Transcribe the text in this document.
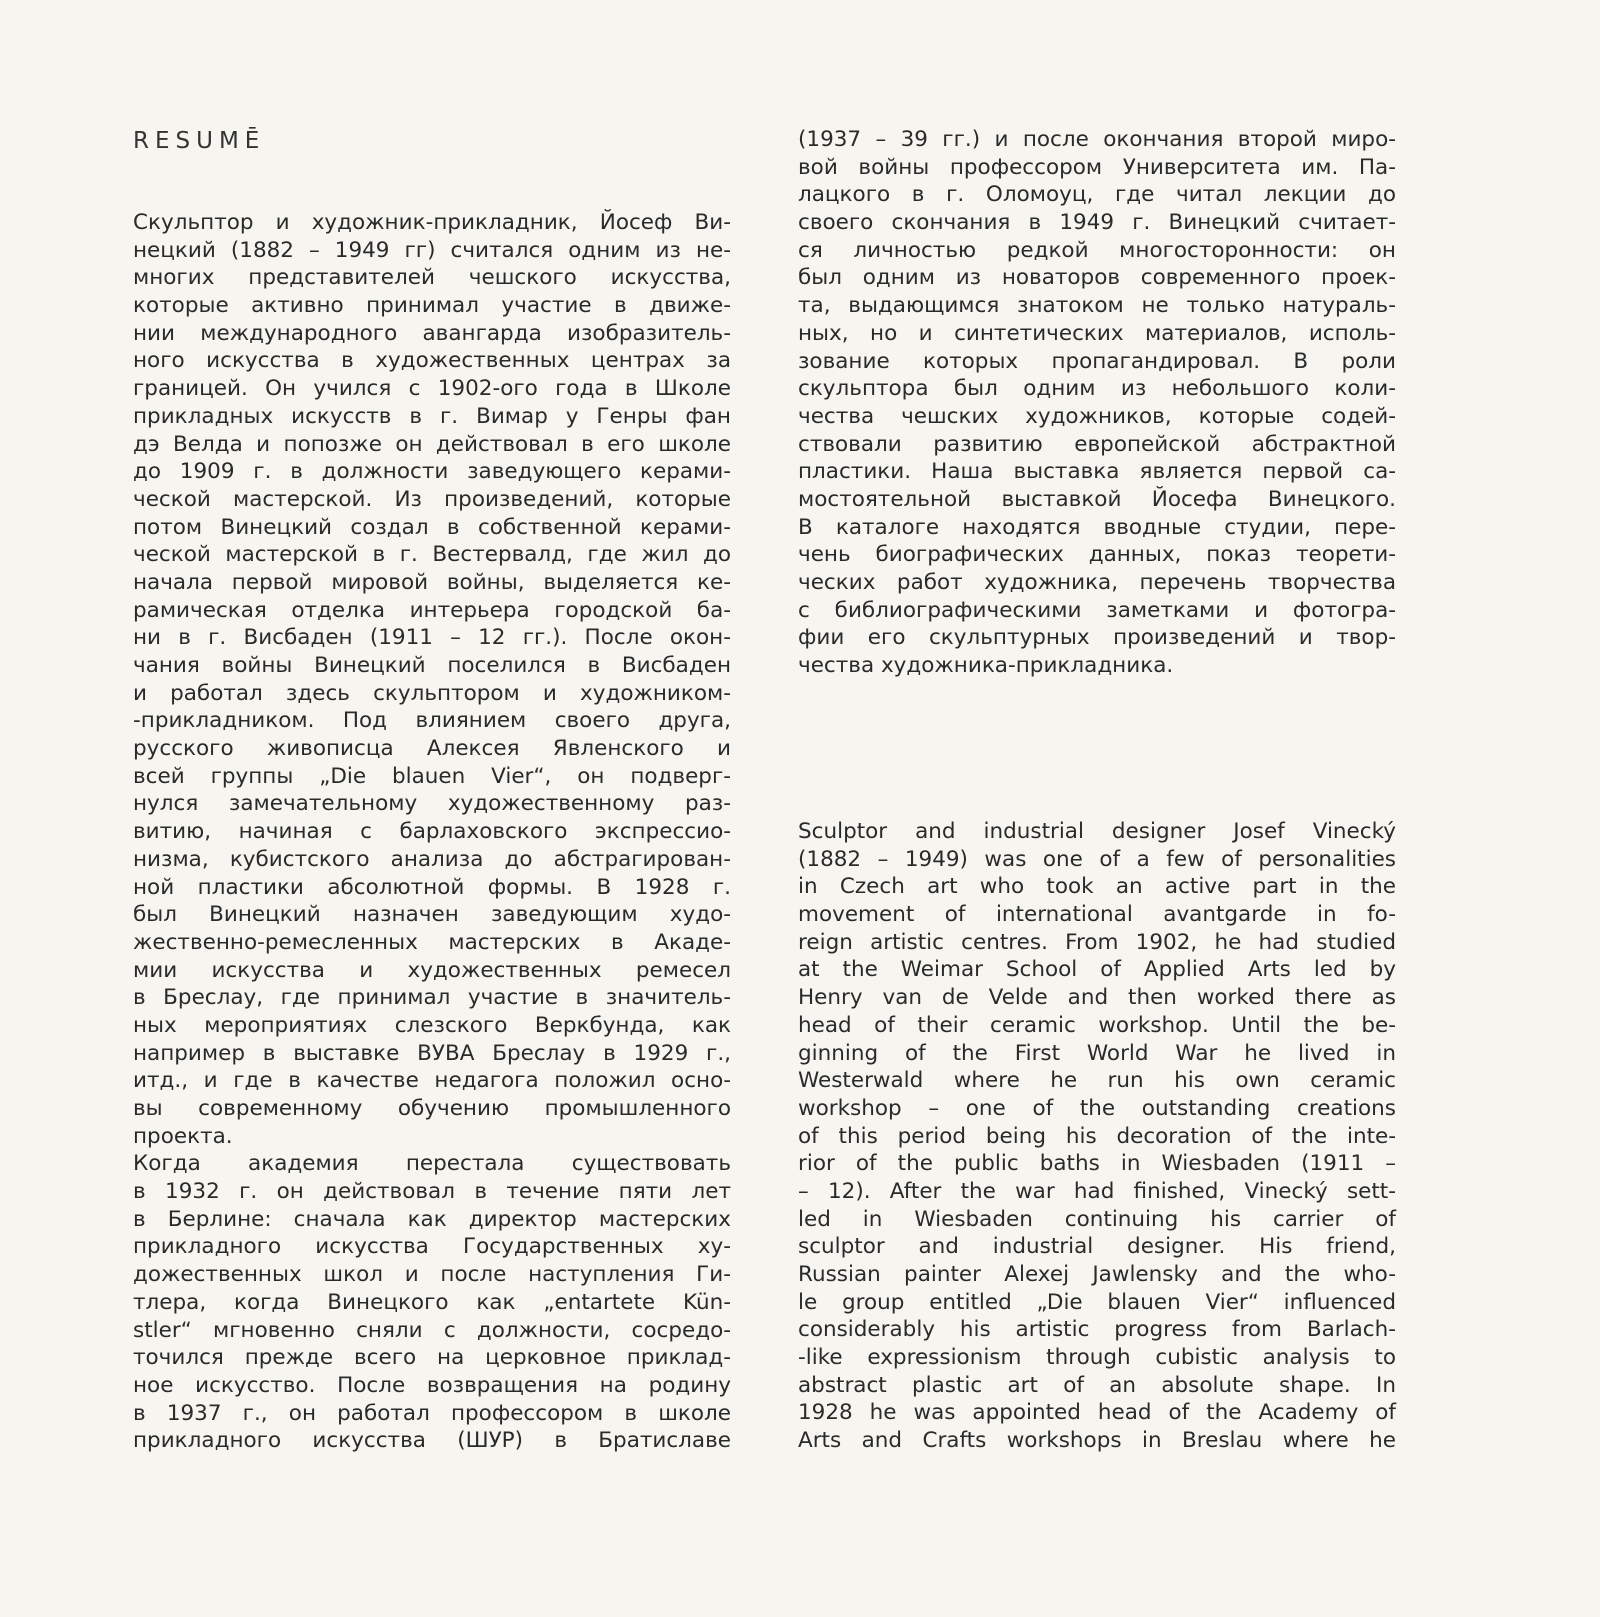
RESUMĒ
Скульптор и художник-прикладник, Йосеф Ви-
нецкий (1882 – 1949 гг) считался одним из не-
многих представителей чешского искусства,
которые активно принимал участие в движе-
нии международного авангарда изобразитель-
ного искусства в художественных центрах за
границей. Он учился с 1902-ого года в Школе
прикладных искусств в г. Вимар у Генры фан
дэ Велда и попозже он действовал в его школе
до 1909 г. в должности заведующего керами-
ческой мастерской. Из произведений, которые
потом Винецкий создал в собственной керами-
ческой мастерской в г. Вестервалд, где жил до
начала первой мировой войны, выделяется ке-
рамическая отделка интерьера городской ба-
ни в г. Висбаден (1911 – 12 гг.). После окон-
чания войны Винецкий поселился в Висбаден
и работал здесь скульптором и художником-
-прикладником. Под влиянием своего друга,
русского живописца Алексея Явленского и
всей группы „Die blauen Vier“, он подверг-
нулся замечательному художественному раз-
витию, начиная с барлаховского экспрессио-
низма, кубистского анализа до абстрагирован-
ной пластики абсолютной формы. В 1928 г.
был Винецкий назначен заведующим худо-
жественно-ремесленных мастерских в Акаде-
мии искусства и художественных ремесел
в Бреслау, где принимал участие в значитель-
ных мероприятиях слезского Веркбунда, как
например в выставке ВУВА Бреслау в 1929 г.,
итд., и где в качестве недагога положил осно-
вы современному обучению промышленного
проекта.
Когда академия перестала существовать
в 1932 г. он действовал в течение пяти лет
в Берлине: сначала как директор мастерских
прикладного искусства Государственных ху-
дожественных школ и после наступления Ги-
тлера, когда Винецкого как „entartete Kün-
stler“ мгновенно сняли с должности, сосредо-
точился прежде всего на церковное приклад-
ное искусство. После возвращения на родину
в 1937 г., он работал профессором в школе
прикладного искусства (ШУР) в Братиславе
(1937 – 39 гг.) и после окончания второй миро-
вой войны профессором Университета им. Па-
лацкого в г. Оломоуц, где читал лекции до
своего скончания в 1949 г. Винецкий считает-
ся личностью редкой многосторонности: он
был одним из новаторов современного проек-
та, выдающимся знатоком не только натураль-
ных, но и синтетических материалов, исполь-
зование которых пропагандировал. В роли
скульптора был одним из небольшого коли-
чества чешских художников, которые содей-
ствовали развитию европейской абстрактной
пластики. Наша выставка является первой са-
мостоятельной выставкой Йосефа Винецкого.
В каталоге находятся вводные студии, пере-
чень биографических данных, показ теорети-
ческих работ художника, перечень творчества
с библиографическими заметками и фотогра-
фии его скульптурных произведений и твор-
чества художника-прикладника.
Sculptor and industrial designer Josef Vinecký
(1882 – 1949) was one of a few of personalities
in Czech art who took an active part in the
movement of international avantgarde in fo-
reign artistic centres. From 1902, he had studied
at the Weimar School of Applied Arts led by
Henry van de Velde and then worked there as
head of their ceramic workshop. Until the be-
ginning of the First World War he lived in
Westerwald where he run his own ceramic
workshop – one of the outstanding creations
of this period being his decoration of the inte-
rior of the public baths in Wiesbaden (1911 –
– 12). After the war had finished, Vinecký sett-
led in Wiesbaden continuing his carrier of
sculptor and industrial designer. His friend,
Russian painter Alexej Jawlensky and the who-
le group entitled „Die blauen Vier“ influenced
considerably his artistic progress from Barlach-
-like expressionism through cubistic analysis to
abstract plastic art of an absolute shape. In
1928 he was appointed head of the Academy of
Arts and Crafts workshops in Breslau where he
